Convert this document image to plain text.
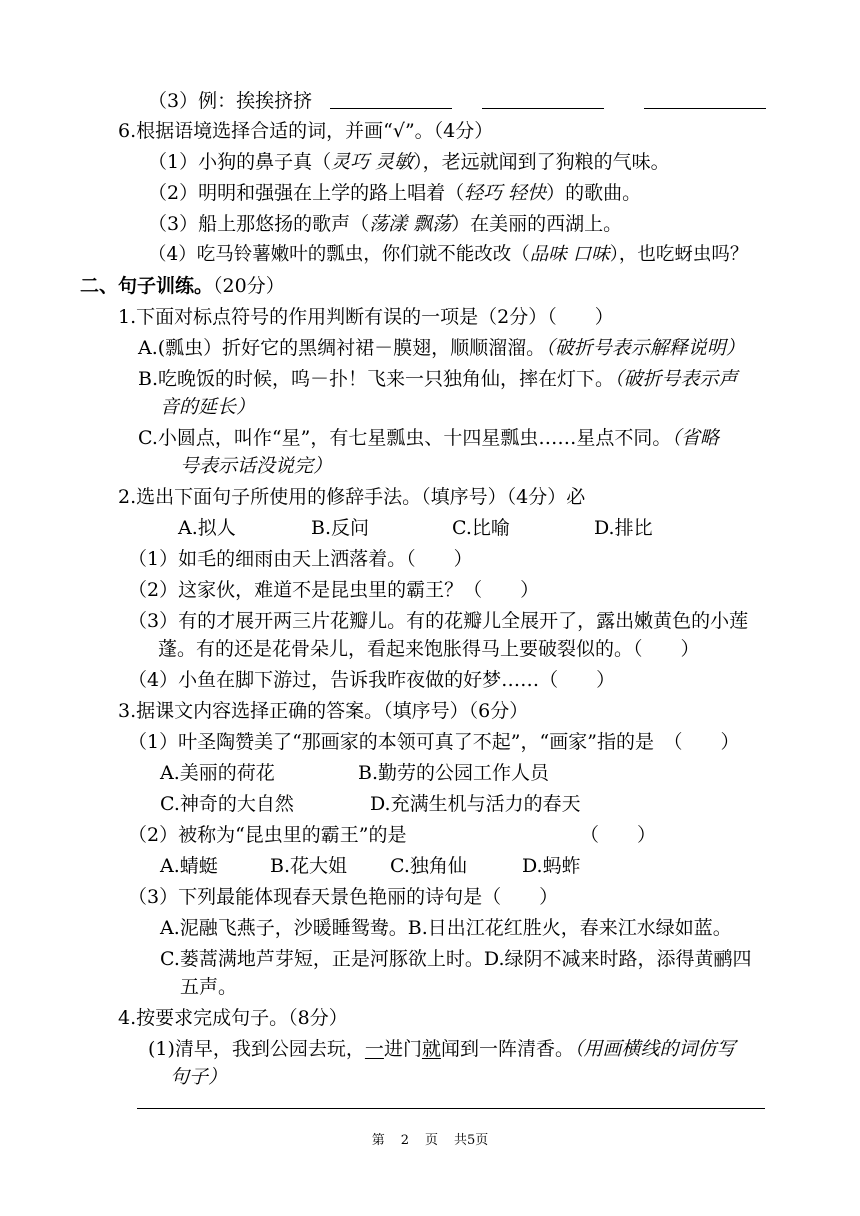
（3）例：挨挨挤挤
6.根据语境选择合适的词，并画“√”。（4分）
（1）小狗的鼻子真（灵巧 灵敏），老远就闻到了狗粮的气味。
（2）明明和强强在上学的路上唱着（轻巧 轻快）的歌曲。
（3）船上那悠扬的歌声（荡漾 飘荡）在美丽的西湖上。
（4）吃马铃薯嫩叶的瓢虫，你们就不能改改（品味 口味），也吃蚜虫吗？
二、句子训练。（20分）
1.下面对标点符号的作用判断有误的一项是（2分）（　　）
A.(瓢虫）折好它的黑绸衬裙－膜翅，顺顺溜溜。（破折号表示解释说明）
B.吃晚饭的时候，呜－扑！飞来一只独角仙，摔在灯下。（破折号表示声
音的延长）
C.小圆点，叫作“星”，有七星瓢虫、十四星瓢虫……星点不同。（省略
号表示话没说完）
2.选出下面句子所使用的修辞手法。（填序号）（4分）必
A.拟人	B.反问	C.比喻	D.排比
（1）如毛的细雨由天上洒落着。（　　）
（2）这家伙，难道不是昆虫里的霸王？（　　）
（3）有的才展开两三片花瓣儿。有的花瓣儿全展开了，露出嫩黄色的小莲
蓬。有的还是花骨朵儿，看起来饱胀得马上要破裂似的。（　　）
（4）小鱼在脚下游过，告诉我昨夜做的好梦……（　　）
3.据课文内容选择正确的答案。（填序号）（6分）
（1）叶圣陶赞美了“那画家的本领可真了不起”，“画家”指的是　（　　）
A.美丽的荷花	B.勤劳的公园工作人员
C.神奇的大自然	D.充满生机与活力的春天
（2）被称为“昆虫里的霸王”的是	（　　）
A.蜻蜓	B.花大姐 C.独角仙	D.蚂蚱
（3）下列最能体现春天景色艳丽的诗句是（　　）
A.泥融飞燕子，沙暖睡鸳鸯。B.日出江花红胜火，春来江水绿如蓝。
C.蒌蒿满地芦芽短，正是河豚欲上时。D.绿阴不减来时路，添得黄鹂四
五声。
4.按要求完成句子。（8分）
(1)清早，我到公园去玩，一进门就闻到一阵清香。（用画横线的词仿写
句子）
第 2 页 共5页
